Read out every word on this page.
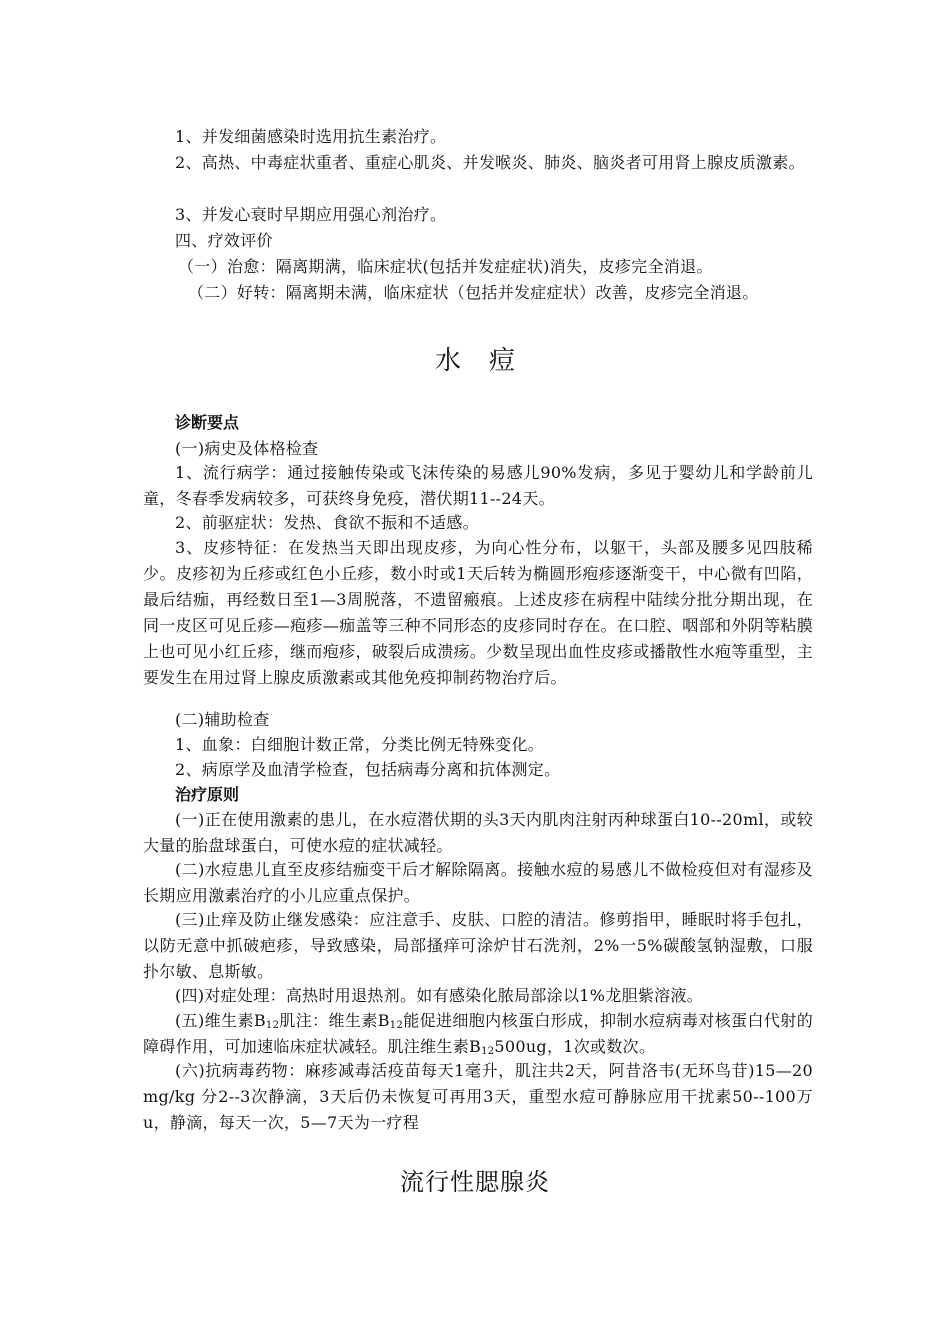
1、并发细菌感染时选用抗生素治疗。

2、高热、中毒症状重者、重症心肌炎、并发喉炎、肺炎、脑炎者可用肾上腺皮质激素。

3、并发心衰时早期应用强心剂治疗。

四、疗效评价

（一）治愈：隔离期满，临床症状(包括并发症症状)消失，皮疹完全消退。

（二）好转：隔离期未满，临床症状（包括并发症症状）改善，皮疹完全消退。

水痘

诊断要点

(一)病史及体格检查

1、流行病学：通过接触传染或飞沫传染的易感儿90%发病，多见于婴幼儿和学龄前儿童，冬春季发病较多，可获终身免疫，潜伏期11--24天。

2、前驱症状：发热、食欲不振和不适感。

3、皮疹特征：在发热当天即出现皮疹，为向心性分布，以躯干，头部及腰多见四肢稀少。皮疹初为丘疹或红色小丘疹，数小时或1天后转为椭圆形疱疹逐渐变干，中心微有凹陷，最后结痂，再经数日至1—3周脱落，不遗留瘢痕。上述皮疹在病程中陆续分批分期出现，在同一皮区可见丘疹—疱疹—痂盖等三种不同形态的皮疹同时存在。在口腔、咽部和外阴等粘膜上也可见小红丘疹，继而疱疹，破裂后成溃疡。少数呈现出血性皮疹或播散性水疱等重型，主要发生在用过肾上腺皮质激素或其他免疫抑制药物治疗后。

(二)辅助检查

1、血象：白细胞计数正常，分类比例无特殊变化。

2、病原学及血清学检查，包括病毒分离和抗体测定。

治疗原则

(一)正在使用激素的患儿，在水痘潜伏期的头3天内肌肉注射丙种球蛋白10--20ml，或较大量的胎盘球蛋白，可使水痘的症状减轻。

(二)水痘患儿直至皮疹结痂变干后才解除隔离。接触水痘的易感儿不做检疫但对有湿疹及长期应用激素治疗的小儿应重点保护。

(三)止痒及防止继发感染：应注意手、皮肤、口腔的清洁。修剪指甲，睡眠时将手包扎，以防无意中抓破疤疹，导致感染，局部搔痒可涂炉甘石洗剂，2%一5%碳酸氢钠湿敷，口服扑尔敏、息斯敏。

(四)对症处理：高热时用退热剂。如有感染化脓局部涂以1%龙胆紫溶液。

(五)维生素$B_{12}$肌注：维生素$B_{12}$能促进细胞内核蛋白形成，抑制水痘病毒对核蛋白代射的障碍作用，可加速临床症状减轻。肌注维生素$B_{12}500ug$，1次或数次。

(六)抗病毒药物：麻疹减毒活疫苗每天1毫升，肌注共2天，阿昔洛韦(无环鸟苷)15—20 mg/kg 分2--3次静滴，3天后仍未恢复可再用3天，重型水痘可静脉应用干扰素50--100万u，静滴，每天一次，5—7天为一疗程

流行性腮腺炎
